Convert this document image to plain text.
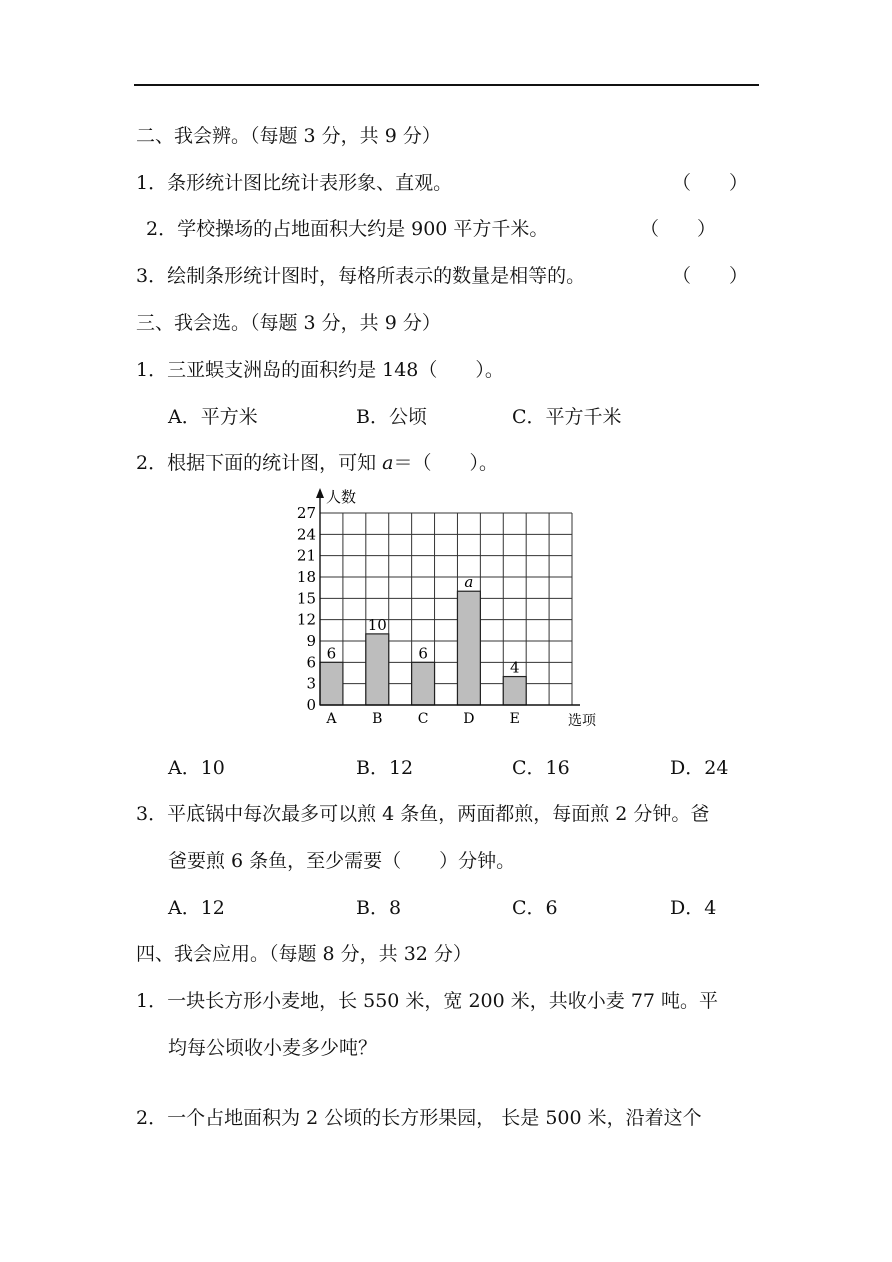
二、我会辨。（每题 3 分，共 9 分）
1．条形统计图比统计表形象、直观。	（　　）
2．学校操场的占地面积大约是 900 平方千米。	（　　）
3．绘制条形统计图时，每格所表示的数量是相等的。	（　　）
三、我会选。（每题 3 分，共 9 分）
1．三亚蜈支洲岛的面积约是 148（　　）。
A．平方米	B．公顷	C．平方千米
2．根据下面的统计图，可知 a＝（　　）。
0
3
6
9
12
15
18
21
24
27
人数
选项
A
6
B
10
C
6
D
a
E
4
A．10	B．12	C．16	D．24
3．平底锅中每次最多可以煎 4 条鱼，两面都煎，每面煎 2 分钟。爸
爸要煎 6 条鱼，至少需要（　　）分钟。
A．12	B．8	C．6	D．4
四、我会应用。（每题 8 分，共 32 分）
1．一块长方形小麦地，长 550 米，宽 200 米，共收小麦 77 吨。平
均每公顷收小麦多少吨？
2．一个占地面积为 2 公顷的长方形果园， 长是 500 米，沿着这个
